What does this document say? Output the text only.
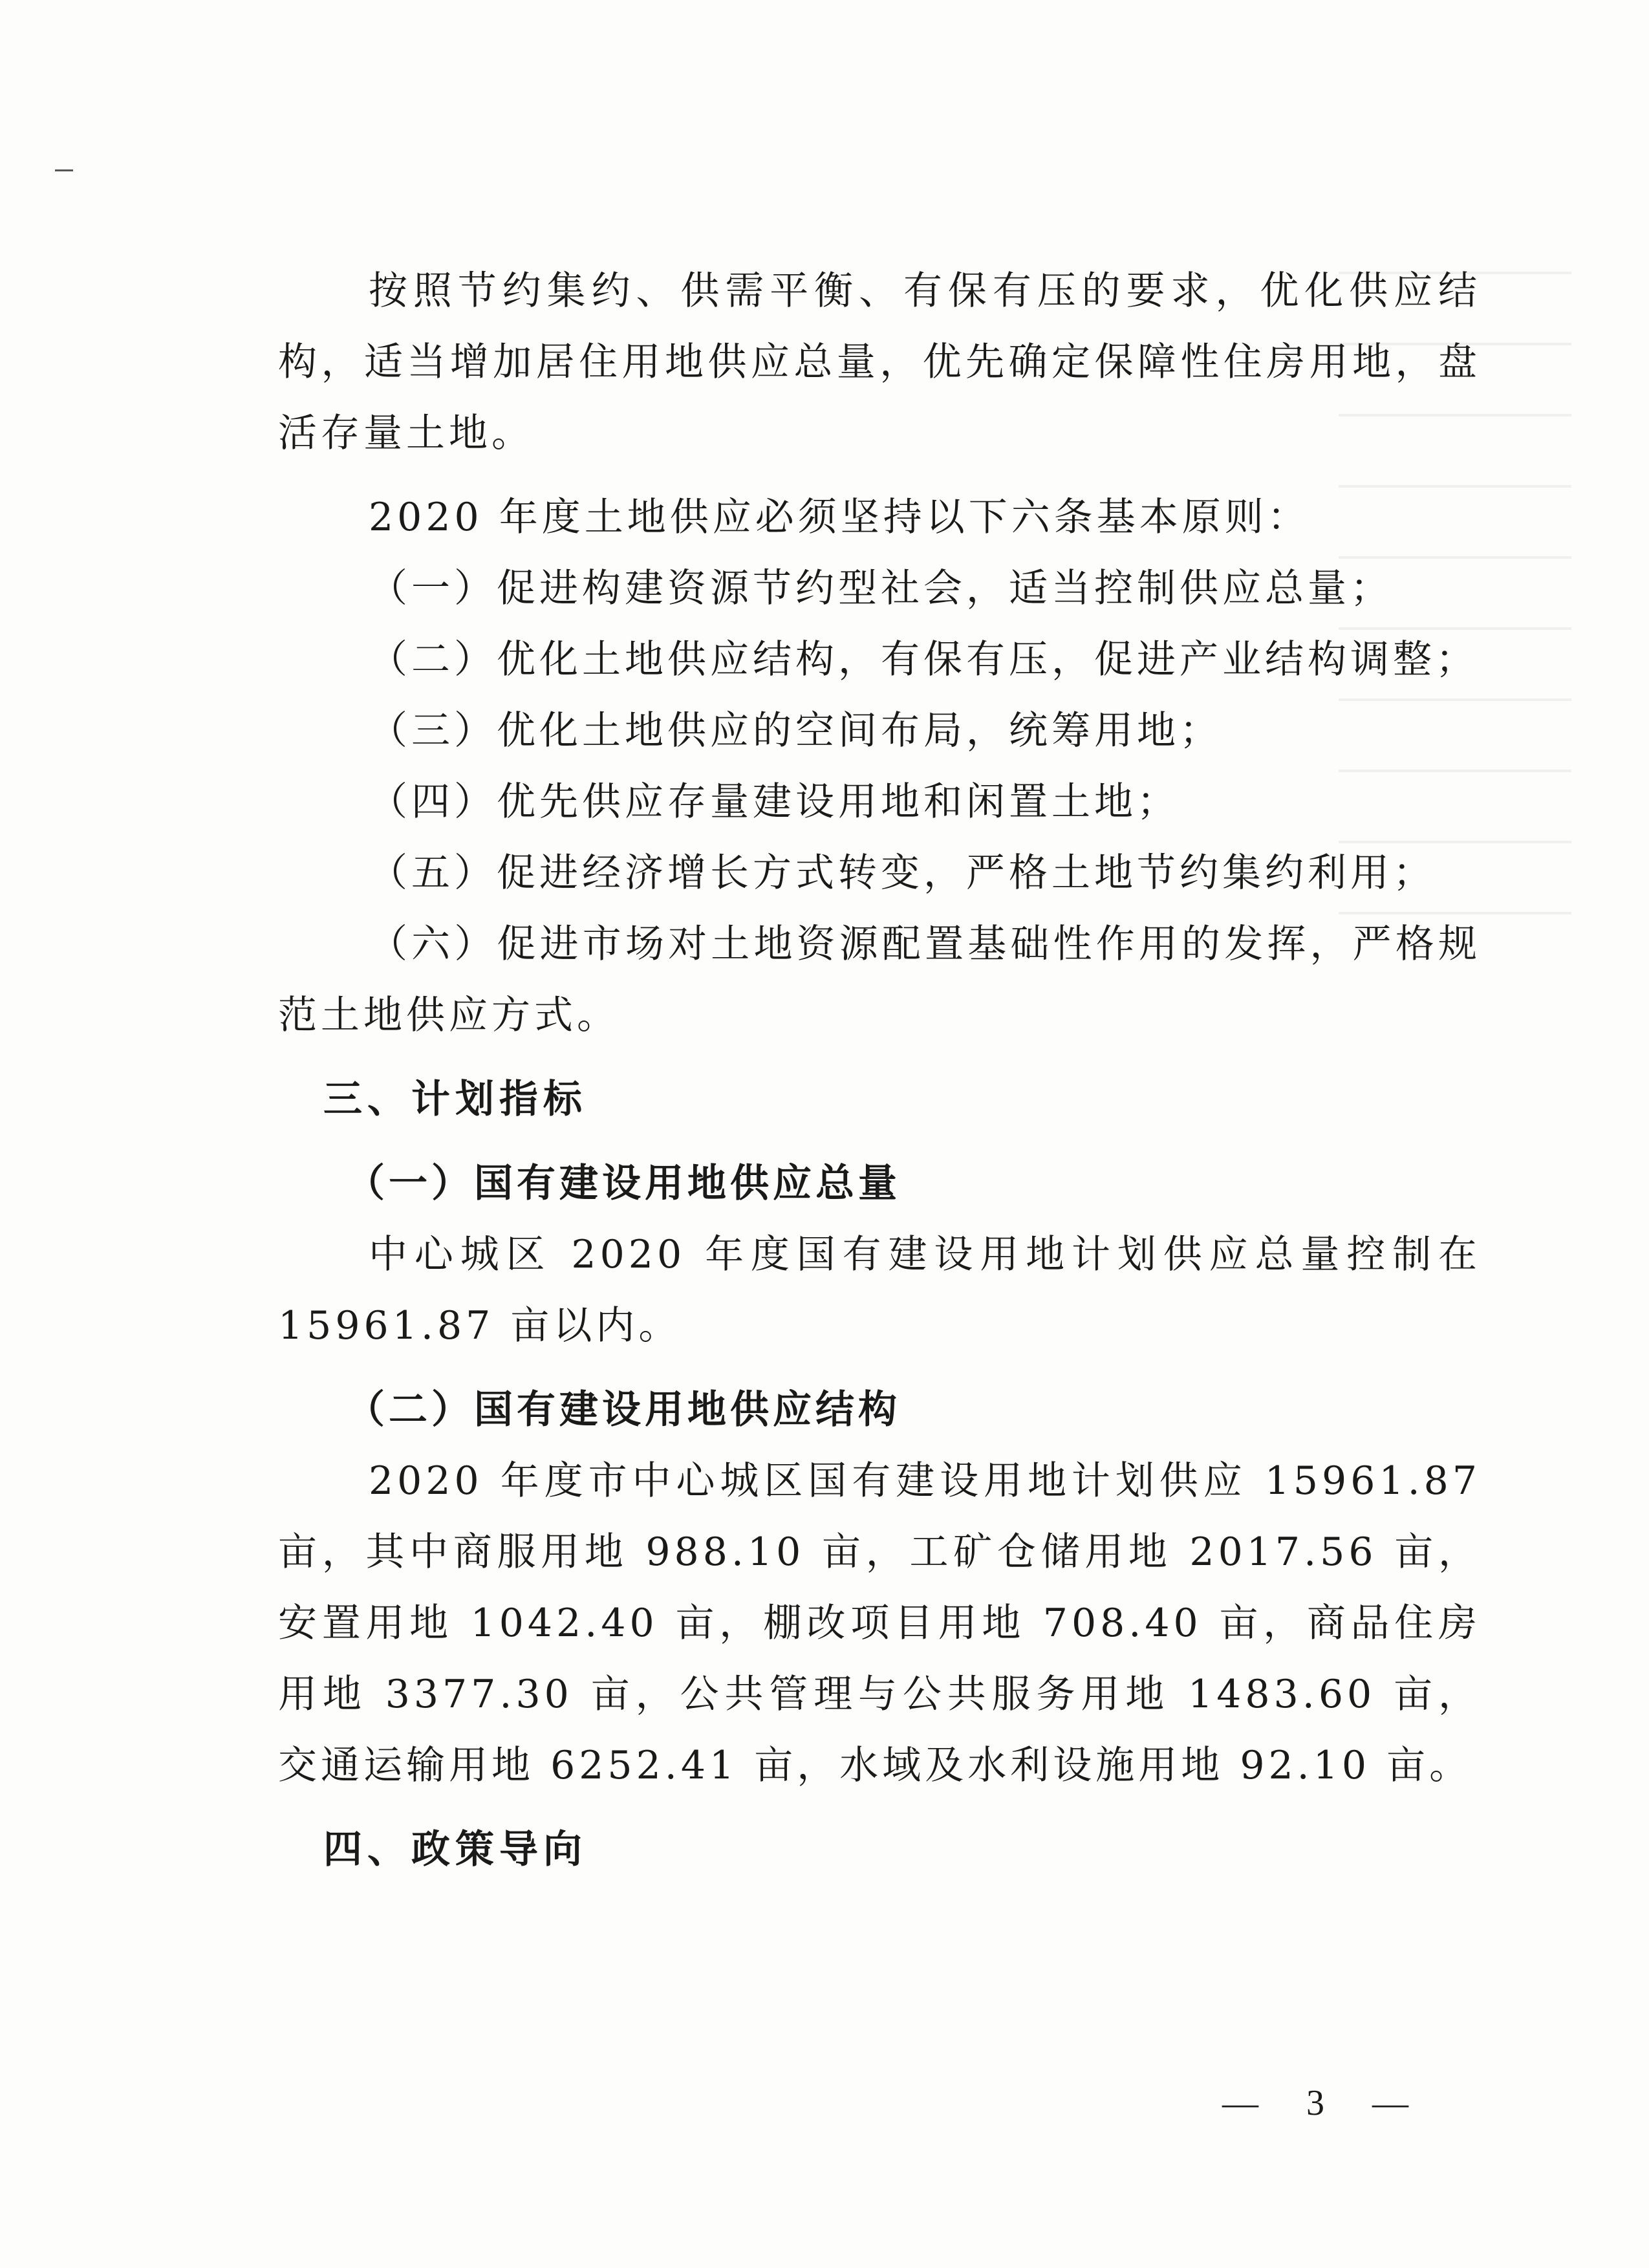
按照节约集约、供需平衡、有保有压的要求，优化供应结构，适当增加居住用地供应总量，优先确定保障性住房用地，盘活存量土地。

2020 年度土地供应必须坚持以下六条基本原则：

（一）促进构建资源节约型社会，适当控制供应总量；

（二）优化土地供应结构，有保有压，促进产业结构调整；

（三）优化土地供应的空间布局，统筹用地；

（四）优先供应存量建设用地和闲置土地；

（五）促进经济增长方式转变，严格土地节约集约利用；

（六）促进市场对土地资源配置基础性作用的发挥，严格规范土地供应方式。

三、计划指标

（一）国有建设用地供应总量

中心城区 2020 年度国有建设用地计划供应总量控制在 15961.87 亩以内。

（二）国有建设用地供应结构

2020 年度市中心城区国有建设用地计划供应 15961.87 亩，其中商服用地 988.10 亩，工矿仓储用地 2017.56 亩，安置用地 1042.40 亩，棚改项目用地 708.40 亩，商品住房用地 3377.30 亩，公共管理与公共服务用地 1483.60 亩，交通运输用地 6252.41 亩，水域及水利设施用地 92.10 亩。

四、政策导向

— 3 —
